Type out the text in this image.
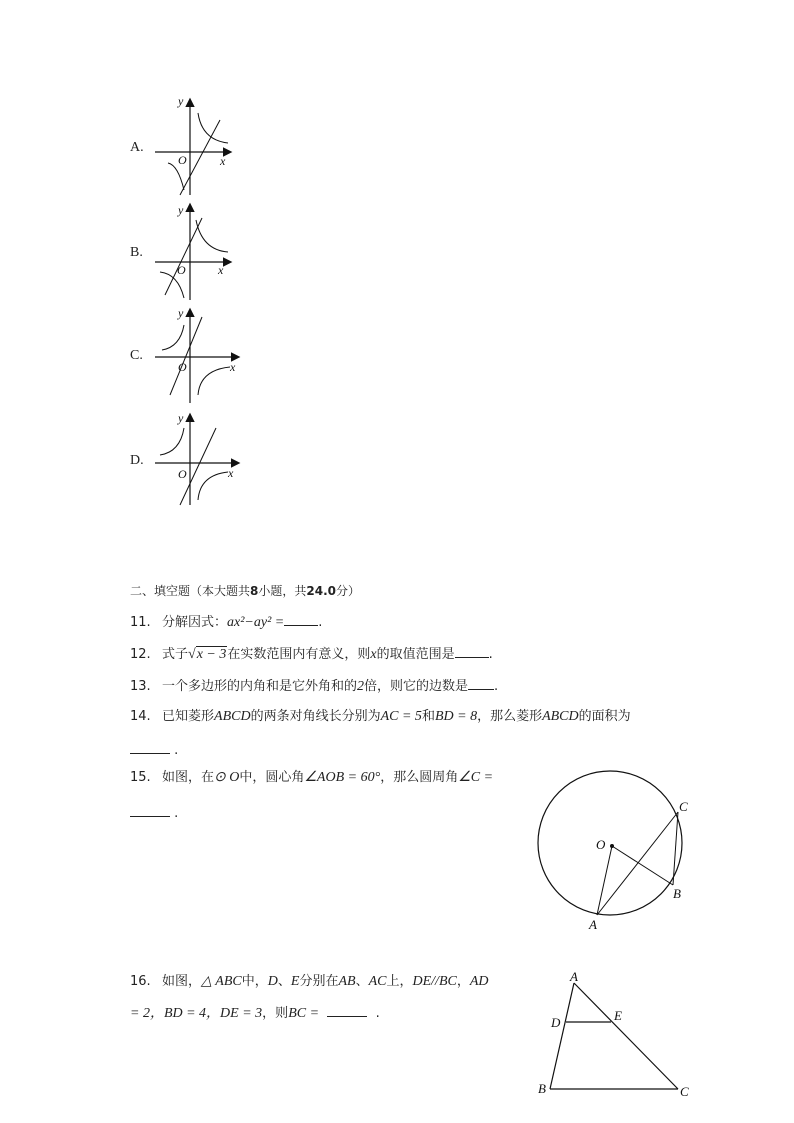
A.
y
x
O
B.
y
x
O
C.
y
x
O
D.
y
x
O
二、填空题（本大题共8小题，共24.0分）
11. 分解因式：ax²−ay² =	.
12. 式子√x − 3在实数范围内有意义，则x的取值范围是	.
13. 一个多边形的内角和是它外角和的2倍，则它的边数是 .
14. 已知菱形ABCD的两条对角线长分别为AC = 5和BD = 8，那么菱形ABCD的面积为
.
15. 如图，在⊙ O中，圆心角∠AOB = 60°，那么圆周角∠C =
.
O
A
B
C
16. 如图，△ ABC中，D、E分别在AB、AC上，DE//BC，AD
= 2，BD = 4，DE = 3，则BC =	.
A
B	C
D	E
